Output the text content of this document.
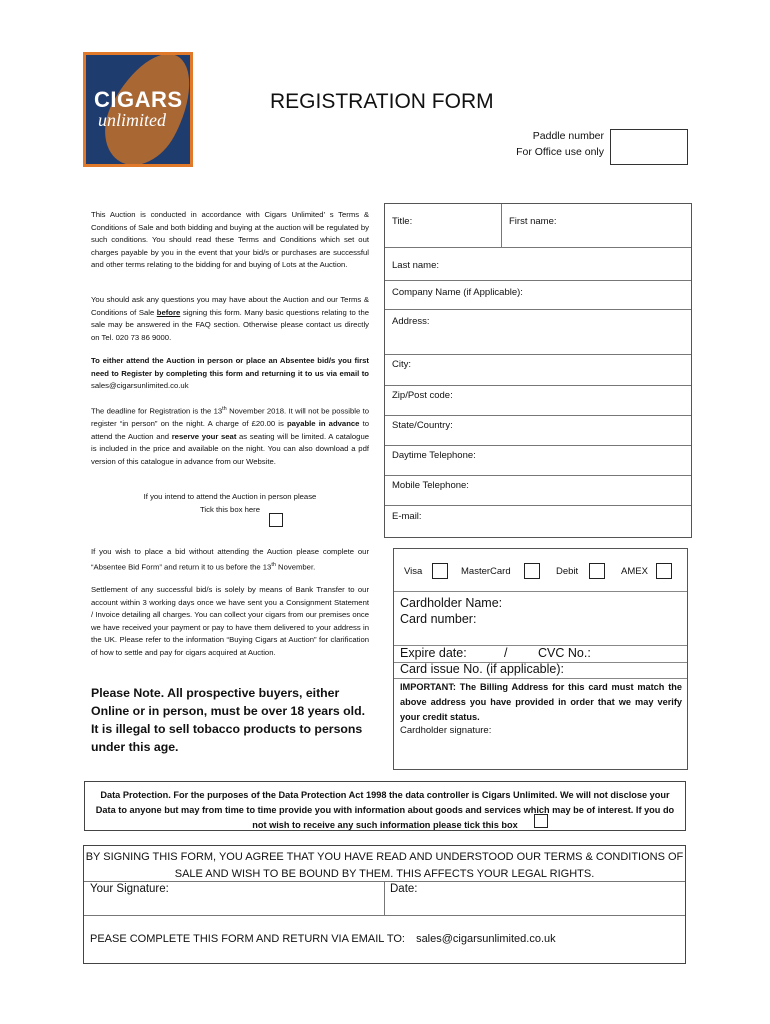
CIGARS
unlimited
REGISTRATION FORM
Paddle number
For Office use only
This Auction is conducted in accordance with Cigars Unlimited’ s Terms & Conditions of Sale and both bidding and buying at the auction will be regulated by such conditions. You should read these Terms and Conditions which set out charges payable by you in the event that your bid/s or purchases are successful and other terms relating to the bidding for and buying of Lots at the Auction.
You should ask any questions you may have about the Auction and our Terms & Conditions of Sale before signing this form. Many basic questions relating to the sale may be answered in the FAQ section. Otherwise please contact us directly on Tel. 020 73 86 9000.
To either attend the Auction in person or place an Absentee bid/s you first need to Register by completing this form and returning it to us via email to sales@cigarsunlimited.co.uk
The deadline for Registration is the 13th November 2018. It will not be possible to register “in person” on the night. A charge of £20.00 is payable in advance to attend the Auction and reserve your seat as seating will be limited. A catalogue is included in the price and available on the night. You can also download a pdf version of this catalogue in advance from our Website.
If you intend to attend the Auction in person please
Tick this box here
If you wish to place a bid without attending the Auction please complete our “Absentee Bid Form” and return it to us before the 13th November.
Settlement of any successful bid/s is solely by means of Bank Transfer to our account within 3 working days once we have sent you a Consignment Statement / Invoice detailing all charges. You can collect your cigars from our premises once we have received your payment or pay to have them delivered to your address in the UK. Please refer to the information “Buying Cigars at Auction” for clarification of how to settle and pay for cigars acquired at Auction.
Please Note. All prospective buyers, either Online or in person, must be over 18 years old. It is illegal to sell tobacco products to persons under this age.
Title:	First name:
Last name:
Company Name (if Applicable):
Address:
City:
Zip/Post code:
State/Country:
Daytime Telephone:
Mobile Telephone:
E-mail:
Visa	MasterCard	Debit	AMEX
Cardholder Name:
Card number:
Expire date:	/ CVC No.:
Card issue No. (if applicable):
IMPORTANT: The Billing Address for this card must match the above address you have provided in order that we may verify your credit status.
Cardholder signature:
Data Protection. For the purposes of the Data Protection Act 1998 the data controller is Cigars Unlimited. We will not disclose your Data to anyone but may from time to time provide you with information about goods and services which may be of interest. If you do not wish to receive any such information please tick this box
BY SIGNING THIS FORM, YOU AGREE THAT YOU HAVE READ AND UNDERSTOOD OUR TERMS & CONDITIONS OF SALE AND WISH TO BE BOUND BY THEM. THIS AFFECTS YOUR LEGAL RIGHTS.
Your Signature:	Date:
PEASE COMPLETE THIS FORM AND RETURN VIA EMAIL TO: sales@cigarsunlimited.co.uk
